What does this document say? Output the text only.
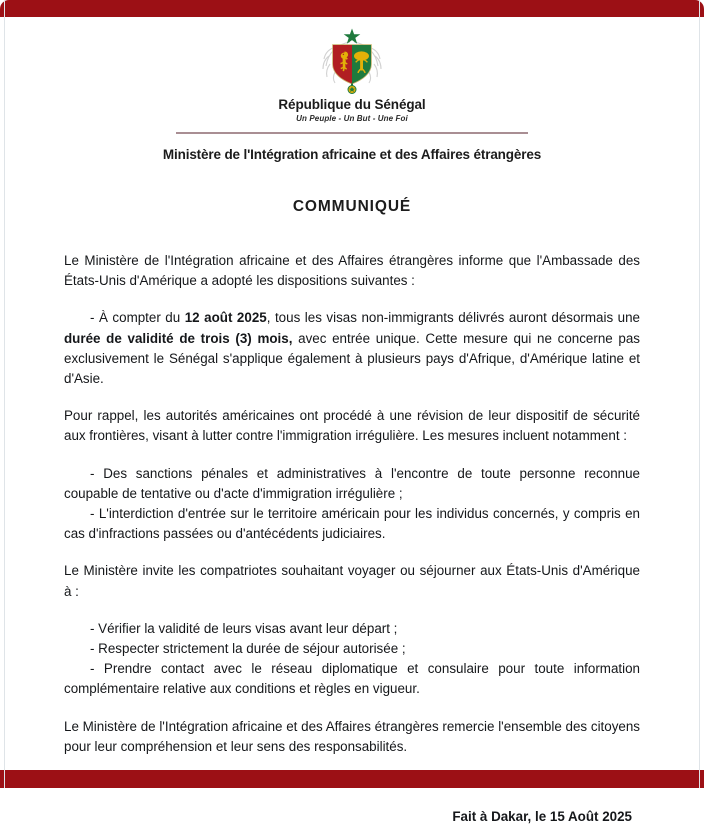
République du Sénégal
Un Peuple - Un But - Une Foi
Ministère de l'Intégration africaine et des Affaires étrangères
COMMUNIQUÉ

Le Ministère de l'Intégration africaine et des Affaires étrangères informe que l'Ambassade des États-Unis d'Amérique a adopté les dispositions suivantes :

- À compter du 12 août 2025, tous les visas non-immigrants délivrés auront désormais une durée de validité de trois (3) mois, avec entrée unique. Cette mesure qui ne concerne pas exclusivement le Sénégal s'applique également à plusieurs pays d'Afrique, d'Amérique latine et d'Asie.

Pour rappel, les autorités américaines ont procédé à une révision de leur dispositif de sécurité aux frontières, visant à lutter contre l'immigration irrégulière. Les mesures incluent notamment :

- Des sanctions pénales et administratives à l'encontre de toute personne reconnue coupable de tentative ou d'acte d'immigration irrégulière ;

- L'interdiction d'entrée sur le territoire américain pour les individus concernés, y compris en cas d'infractions passées ou d'antécédents judiciaires.

Le Ministère invite les compatriotes souhaitant voyager ou séjourner aux États-Unis d'Amérique à :

- Vérifier la validité de leurs visas avant leur départ ;

- Respecter strictement la durée de séjour autorisée ;

- Prendre contact avec le réseau diplomatique et consulaire pour toute information complémentaire relative aux conditions et règles en vigueur.

Le Ministère de l'Intégration africaine et des Affaires étrangères remercie l'ensemble des citoyens pour leur compréhension et leur sens des responsabilités.

Fait à Dakar, le 15 Août 2025
